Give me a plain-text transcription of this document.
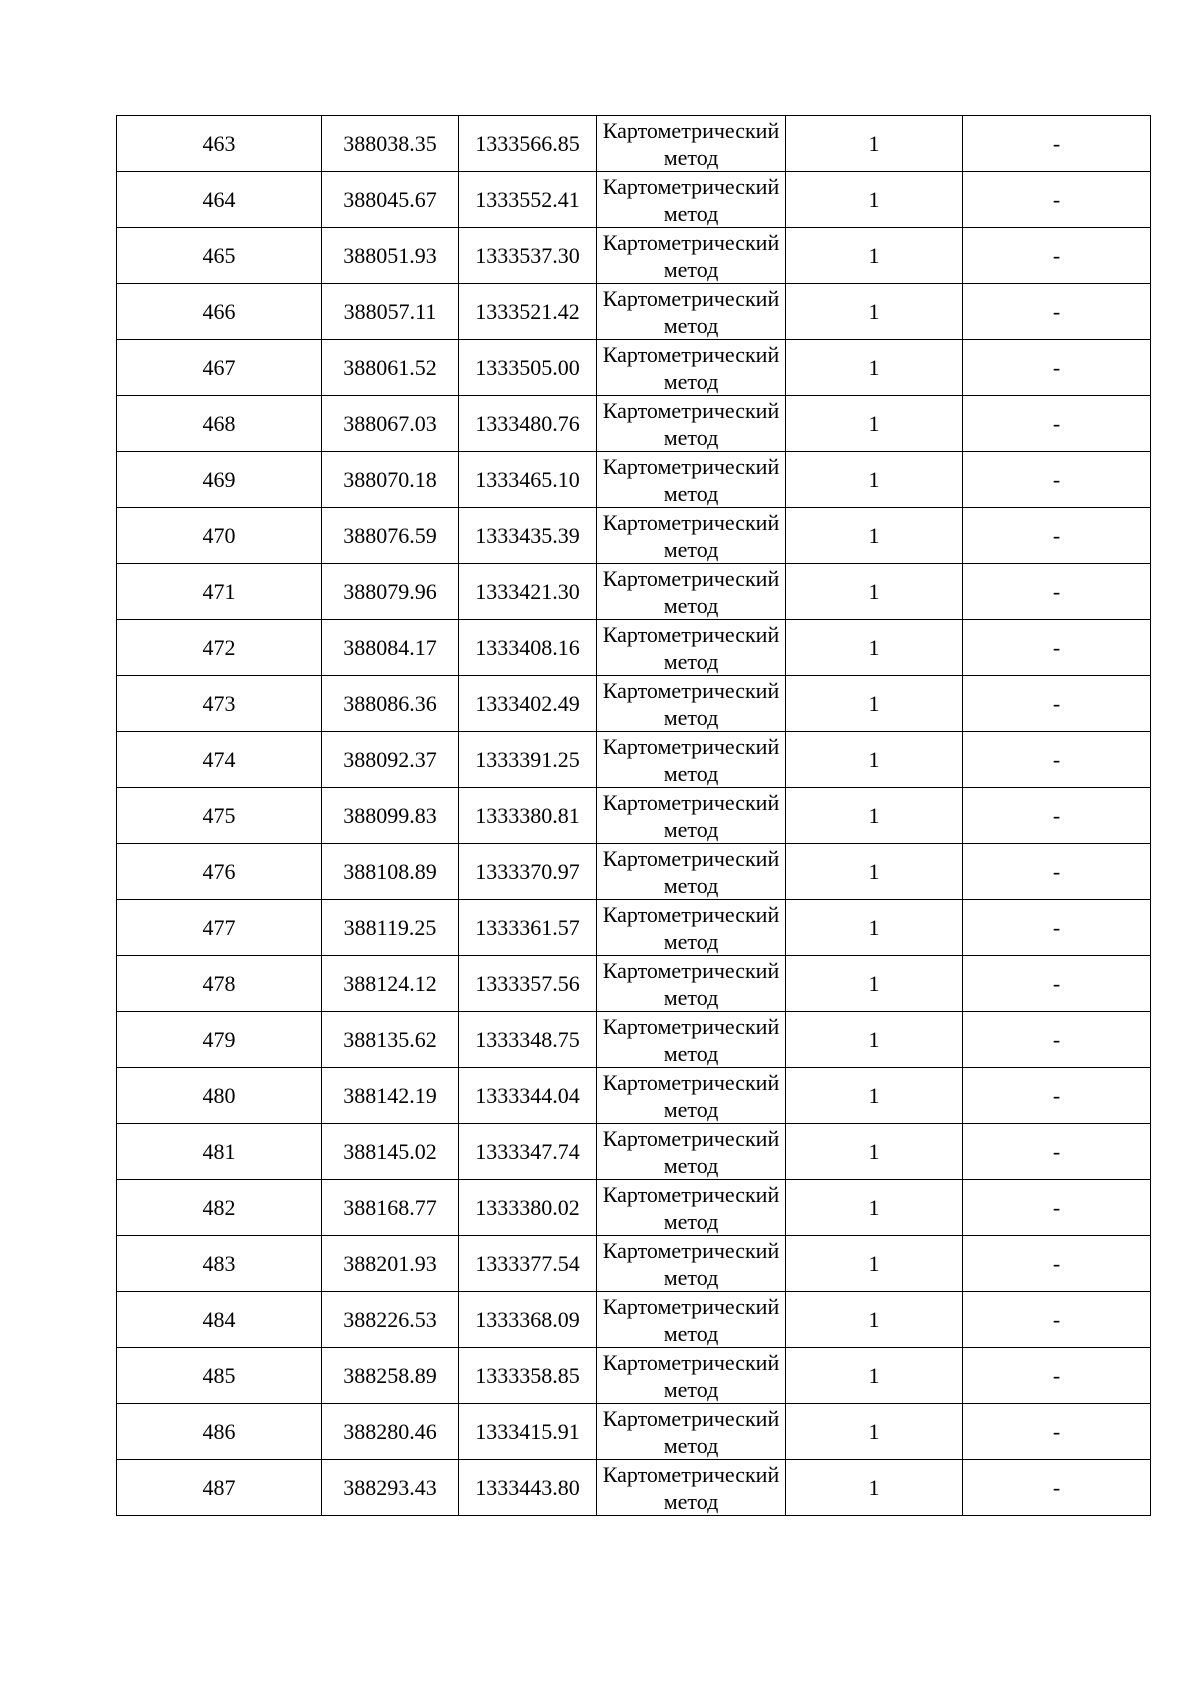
463	388038.35	1333566.85	Картометрический метод	1	-
464	388045.67	1333552.41	Картометрический метод	1	-
465	388051.93	1333537.30	Картометрический метод	1	-
466	388057.11	1333521.42	Картометрический метод	1	-
467	388061.52	1333505.00	Картометрический метод	1	-
468	388067.03	1333480.76	Картометрический метод	1	-
469	388070.18	1333465.10	Картометрический метод	1	-
470	388076.59	1333435.39	Картометрический метод	1	-
471	388079.96	1333421.30	Картометрический метод	1	-
472	388084.17	1333408.16	Картометрический метод	1	-
473	388086.36	1333402.49	Картометрический метод	1	-
474	388092.37	1333391.25	Картометрический метод	1	-
475	388099.83	1333380.81	Картометрический метод	1	-
476	388108.89	1333370.97	Картометрический метод	1	-
477	388119.25	1333361.57	Картометрический метод	1	-
478	388124.12	1333357.56	Картометрический метод	1	-
479	388135.62	1333348.75	Картометрический метод	1	-
480	388142.19	1333344.04	Картометрический метод	1	-
481	388145.02	1333347.74	Картометрический метод	1	-
482	388168.77	1333380.02	Картометрический метод	1	-
483	388201.93	1333377.54	Картометрический метод	1	-
484	388226.53	1333368.09	Картометрический метод	1	-
485	388258.89	1333358.85	Картометрический метод	1	-
486	388280.46	1333415.91	Картометрический метод	1	-
487	388293.43	1333443.80	Картометрический метод	1	-
